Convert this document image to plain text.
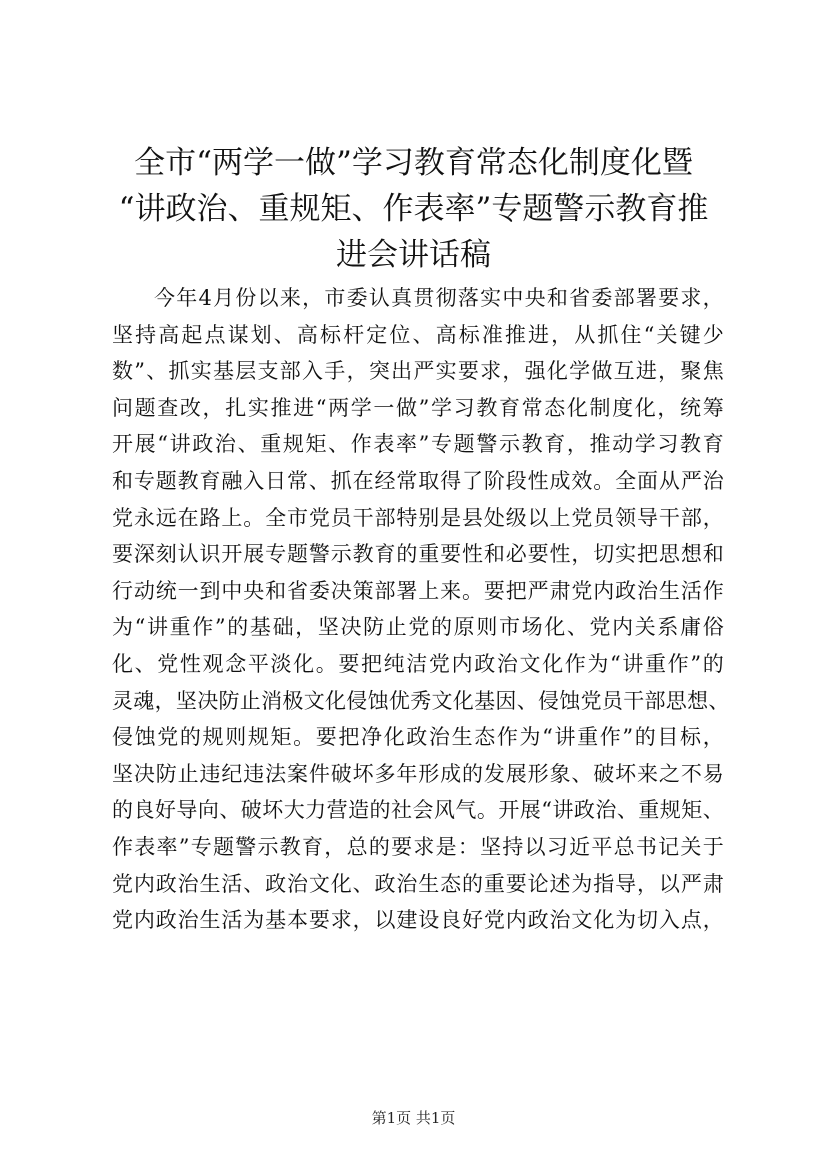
全市“两学一做”学习教育常态化制度化暨
“讲政治、重规矩、作表率”专题警示教育推
进会讲话稿
今年4月份以来，市委认真贯彻落实中央和省委部署要求，
坚持高起点谋划、高标杆定位、高标准推进，从抓住“关键少
数”、抓实基层支部入手，突出严实要求，强化学做互进，聚焦
问题查改，扎实推进“两学一做”学习教育常态化制度化，统筹
开展“讲政治、重规矩、作表率”专题警示教育，推动学习教育
和专题教育融入日常、抓在经常取得了阶段性成效。全面从严治
党永远在路上。全市党员干部特别是县处级以上党员领导干部，
要深刻认识开展专题警示教育的重要性和必要性，切实把思想和
行动统一到中央和省委决策部署上来。要把严肃党内政治生活作
为“讲重作”的基础，坚决防止党的原则市场化、党内关系庸俗
化、党性观念平淡化。要把纯洁党内政治文化作为“讲重作”的
灵魂，坚决防止消极文化侵蚀优秀文化基因、侵蚀党员干部思想、
侵蚀党的规则规矩。要把净化政治生态作为“讲重作”的目标，
坚决防止违纪违法案件破坏多年形成的发展形象、破坏来之不易
的良好导向、破坏大力营造的社会风气。开展“讲政治、重规矩、
作表率”专题警示教育，总的要求是：坚持以习近平总书记关于
党内政治生活、政治文化、政治生态的重要论述为指导，以严肃
党内政治生活为基本要求，以建设良好党内政治文化为切入点，
第1页 共1页
